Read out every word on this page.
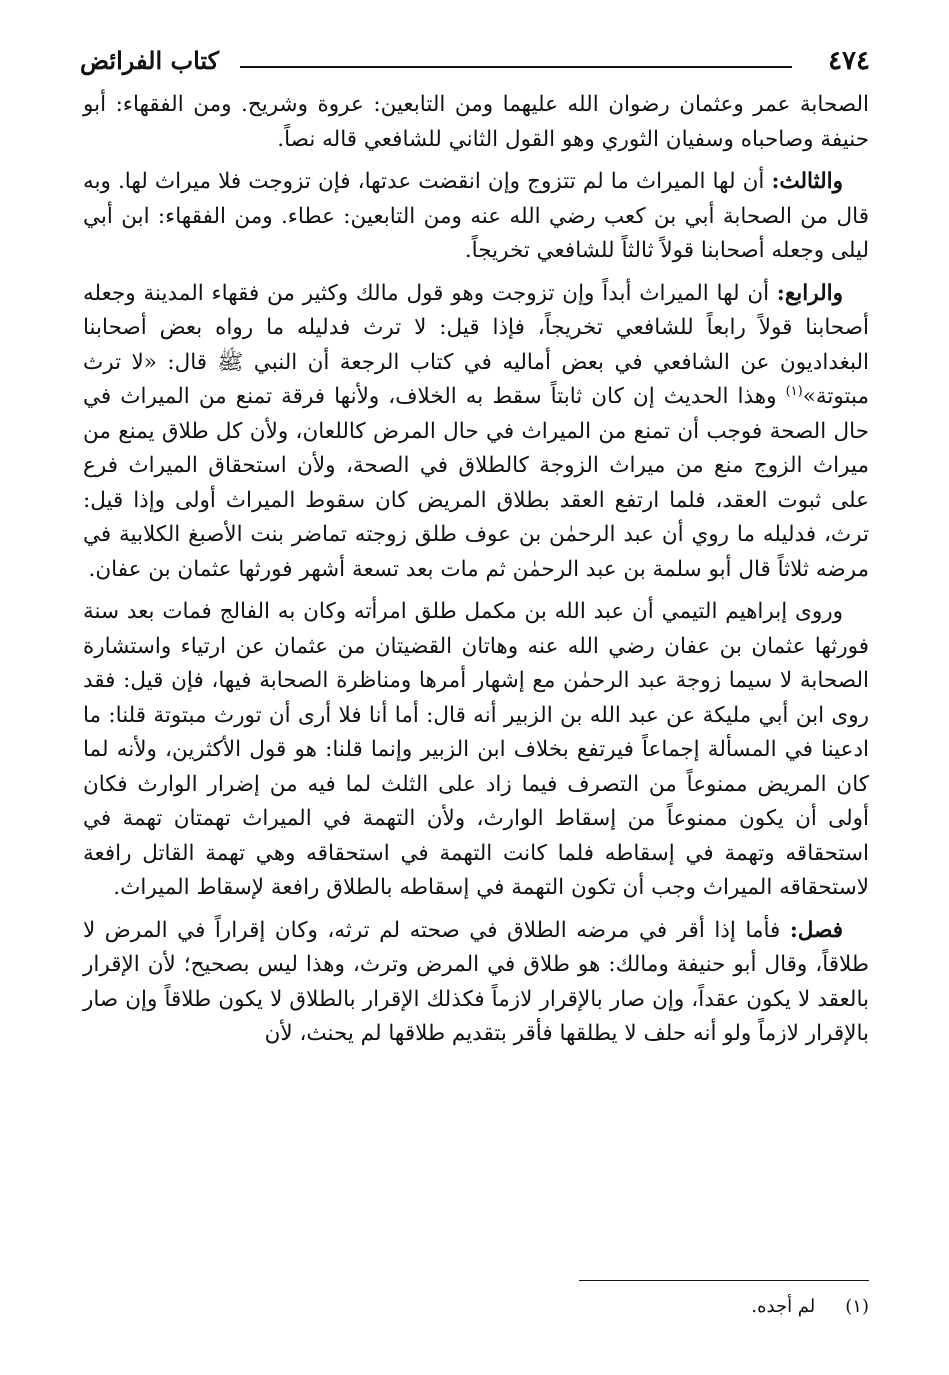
٤٧٤
كتاب الفرائض

الصحابة عمر وعثمان رضوان الله عليهما ومن التابعين: عروة وشريح. ومن الفقهاء: أبو حنيفة وصاحباه وسفيان الثوري وهو القول الثاني للشافعي قاله نصاً.

والثالث: أن لها الميراث ما لم تتزوج وإن انقضت عدتها، فإن تزوجت فلا ميراث لها. وبه قال من الصحابة أبي بن كعب رضي الله عنه ومن التابعين: عطاء. ومن الفقهاء: ابن أبي ليلى وجعله أصحابنا قولاً ثالثاً للشافعي تخريجاً.

والرابع: أن لها الميراث أبداً وإن تزوجت وهو قول مالك وكثير من فقهاء المدينة وجعله أصحابنا قولاً رابعاً للشافعي تخريجاً، فإذا قيل: لا ترث فدليله ما رواه بعض أصحابنا البغداديون عن الشافعي في بعض أماليه في كتاب الرجعة أن النبي ﷺ قال: «لا ترث مبتوتة»$^{(١)}$ وهذا الحديث إن كان ثابتاً سقط به الخلاف، ولأنها فرقة تمنع من الميراث في حال الصحة فوجب أن تمنع من الميراث في حال المرض كاللعان، ولأن كل طلاق يمنع من ميراث الزوج منع من ميراث الزوجة كالطلاق في الصحة، ولأن استحقاق الميراث فرع على ثبوت العقد، فلما ارتفع العقد بطلاق المريض كان سقوط الميراث أولى وإذا قيل: ترث، فدليله ما روي أن عبد الرحمٰن بن عوف طلق زوجته تماضر بنت الأصبغ الكلابية في مرضه ثلاثاً قال أبو سلمة بن عبد الرحمٰن ثم مات بعد تسعة أشهر فورثها عثمان بن عفان.

وروى إبراهيم التيمي أن عبد الله بن مكمل طلق امرأته وكان به الفالج فمات بعد سنة فورثها عثمان بن عفان رضي الله عنه وهاتان القضيتان من عثمان عن ارتياء واستشارة الصحابة لا سيما زوجة عبد الرحمٰن مع إشهار أمرها ومناظرة الصحابة فيها، فإن قيل: فقد روى ابن أبي مليكة عن عبد الله بن الزبير أنه قال: أما أنا فلا أرى أن تورث مبتوتة قلنا: ما ادعينا في المسألة إجماعاً فيرتفع بخلاف ابن الزبير وإنما قلنا: هو قول الأكثرين، ولأنه لما كان المريض ممنوعاً من التصرف فيما زاد على الثلث لما فيه من إضرار الوارث فكان أولى أن يكون ممنوعاً من إسقاط الوارث، ولأن التهمة في الميراث تهمتان تهمة في استحقاقه وتهمة في إسقاطه فلما كانت التهمة في استحقاقه وهي تهمة القاتل رافعة لاستحقاقه الميراث وجب أن تكون التهمة في إسقاطه بالطلاق رافعة لإسقاط الميراث.

فصل: فأما إذا أقر في مرضه الطلاق في صحته لم ترثه، وكان إقراراً في المرض لا طلاقاً، وقال أبو حنيفة ومالك: هو طلاق في المرض وترث، وهذا ليس بصحيح؛ لأن الإقرار بالعقد لا يكون عقداً، وإن صار بالإقرار لازماً فكذلك الإقرار بالطلاق لا يكون طلاقاً وإن صار بالإقرار لازماً ولو أنه حلف لا يطلقها فأقر بتقديم طلاقها لم يحنث، لأن

(١)لم أجده.
